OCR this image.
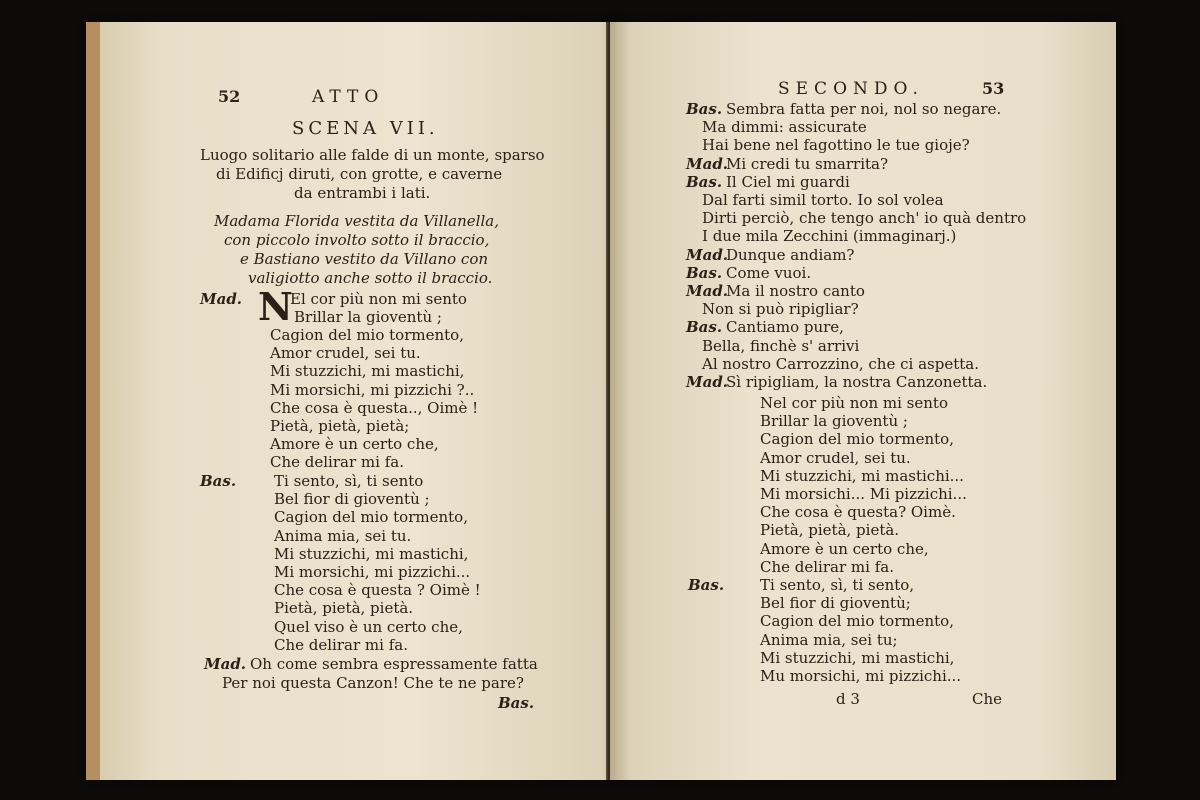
52	ATTO
SCENA VII.
Luogo solitario alle falde di un monte, sparso
di Edificj diruti, con grotte, e caverne
da entrambi i lati.
Madama Florida vestita da Villanella,
con piccolo involto sotto il braccio,
e Bastiano vestito da Villano con
valigiotto anche sotto il braccio.
Mad. N
El cor più non mi sento
Brillar la gioventù ;
Cagion del mio tormento,
Amor crudel, sei tu.
Mi stuzzichi, mi mastichi,
Mi morsichi, mi pizzichi ?..
Che cosa è questa.., Oimè !
Pietà, pietà, pietà;
Amore è un certo che,
Che delirar mi fa.
Bas.	Ti sento, sì, ti sento
Bel fior di gioventù ;
Cagion del mio tormento,
Anima mia, sei tu.
Mi stuzzichi, mi mastichi,
Mi morsichi, mi pizzichi...
Che cosa è questa ? Oimè !
Pietà, pietà, pietà.
Quel viso è un certo che,
Che delirar mi fa.
Mad. Oh come sembra espressamente fatta
Per noi questa Canzon! Che te ne pare?
Bas.
SECONDO.	53
Bas. Sembra fatta per noi, nol so negare.
Ma dimmi: assicurate
Hai bene nel fagottino le tue gioje?
Mad.
Mi credi tu smarrita?
Bas. Il Ciel mi guardi
Dal farti simil torto. Io sol volea
Dirti perciò, che tengo anch' io quà dentro
I due mila Zecchini (immaginarj.)
Mad.
Dunque andiam?
Bas. Come vuoi.
Mad.
Ma il nostro canto
Non si può ripigliar?
Bas. Cantiamo pure,
Bella, finchè s' arrivi
Al nostro Carrozzino, che ci aspetta.
Mad.
Sì ripigliam, la nostra Canzonetta.
Nel cor più non mi sento
Brillar la gioventù ;
Cagion del mio tormento,
Amor crudel, sei tu.
Mi stuzzichi, mi mastichi...
Mi morsichi... Mi pizzichi...
Che cosa è questa? Oimè.
Pietà, pietà, pietà.
Amore è un certo che,
Che delirar mi fa.
Bas. Ti sento, sì, ti sento,
Bel fior di gioventù;
Cagion del mio tormento,
Anima mia, sei tu;
Mi stuzzichi, mi mastichi,
Mu morsichi, mi pizzichi...
d 3	Che
